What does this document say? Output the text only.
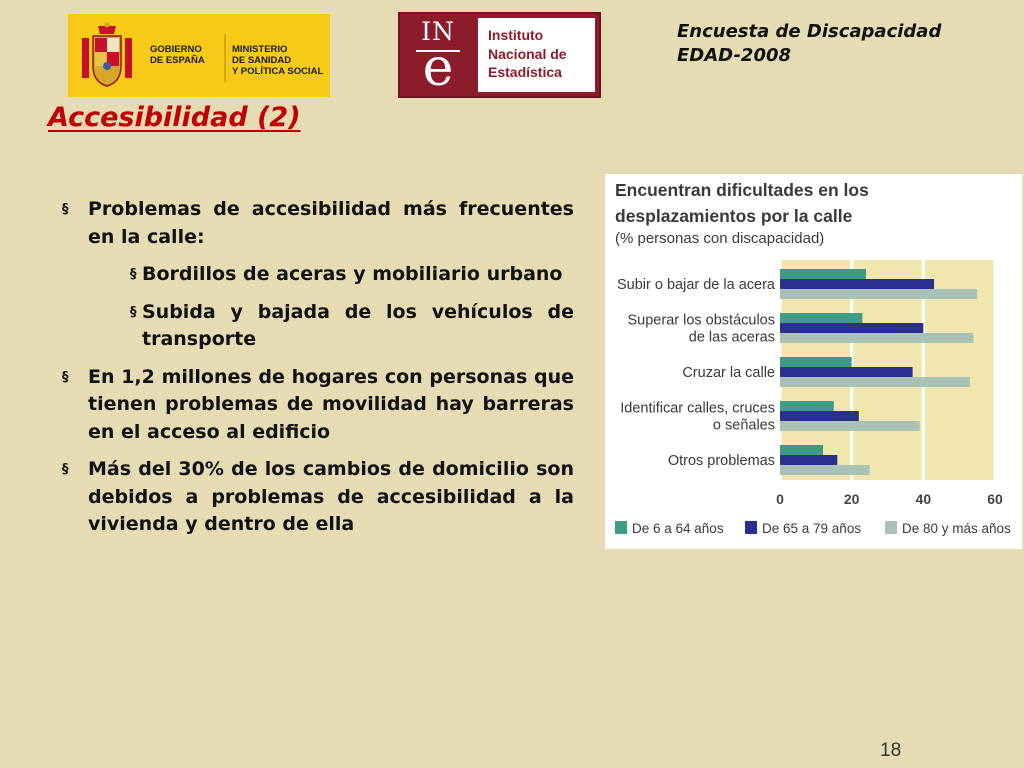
GOBIERNO
DE ESPAÑA
MINISTERIO
DE SANIDAD
Y POLÍTICA SOCIAL
IN
e
Instituto
Nacional de
Estadística
Encuesta de Discapacidad
EDAD-2008
Accesibilidad (2)
§ Problemas de accesibilidad más frecuentes en la calle:
§ Bordillos de aceras y mobiliario urbano
§ Subida y bajada de los vehículos de transporte
§ En 1,2 millones de hogares con personas que tienen problemas de movilidad hay barreras en el acceso al edificio
§ Más del 30% de los cambios de domicilio son debidos a problemas de accesibilidad a la vivienda y dentro de ella
Encuentran dificultades en los
desplazamientos por la calle
(% personas con discapacidad)
0	20	40	60
Subir o bajar de la acera
Superar los obstáculos
de las aceras
Cruzar la calle
Identificar calles, cruces
o señales
Otros problemas
De 6 a 64 años	De 65 a 79 años	De 80 y más años
18
